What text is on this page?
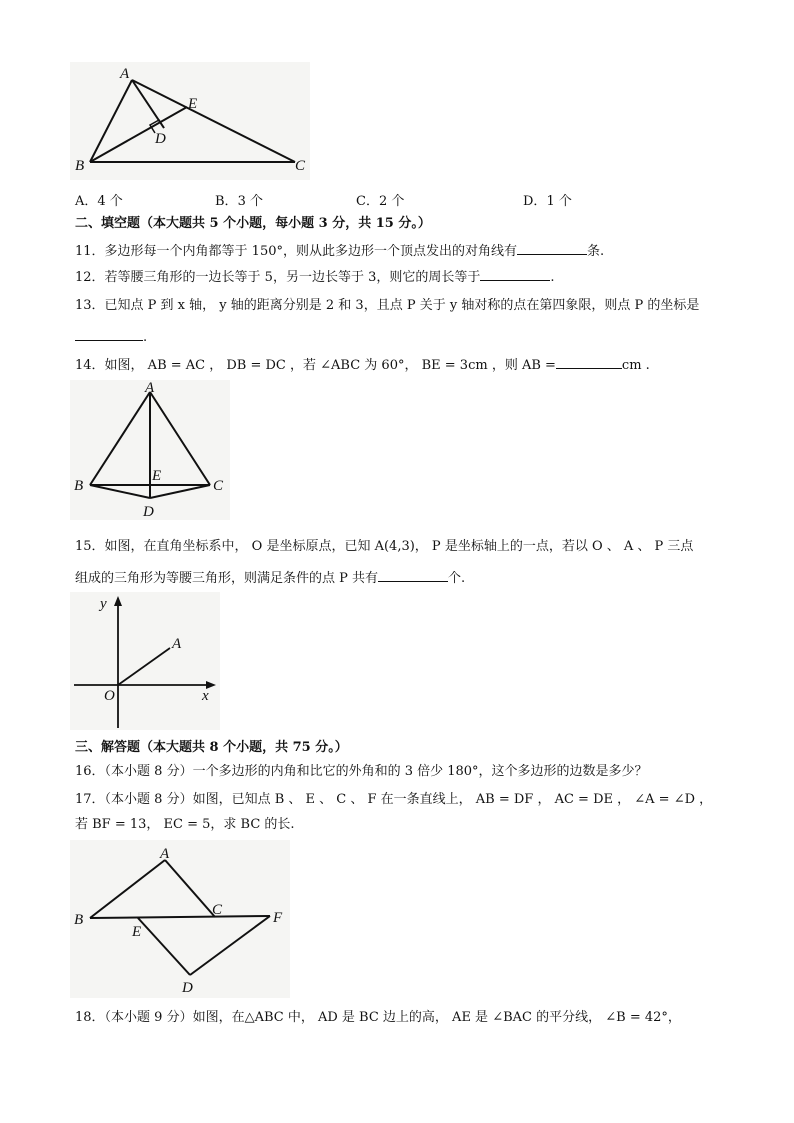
A
B	C
D
E
A．4 个	B．3 个	C．2 个	D．1 个
二、填空题（本大题共 5 个小题，每小题 3 分，共 15 分。）
11．多边形每一个内角都等于 150°，则从此多边形一个顶点发出的对角线有	条.
12．若等腰三角形的一边长等于 5，另一边长等于 3，则它的周长等于	.
13．已知点 P 到 x 轴， y 轴的距离分别是 2 和 3，且点 P 关于 y 轴对称的点在第四象限，则点 P 的坐标是
.
14．如图， AB = AC ， DB = DC ，若 ∠ABC 为 60°， BE = 3cm ，则 AB =	cm .
A
B	C
D
E
15．如图，在直角坐标系中， O 是坐标原点，已知 A(4,3)， P 是坐标轴上的一点，若以 O 、 A 、 P 三点
组成的三角形为等腰三角形，则满足条件的点 P 共有	个.
y
x
O
A
三、解答题（本大题共 8 个小题，共 75 分。）
16．（本小题 8 分）一个多边形的内角和比它的外角和的 3 倍少 180°，这个多边形的边数是多少？
17．（本小题 8 分）如图，已知点 B 、 E 、 C 、 F 在一条直线上， AB = DF ， AC = DE ， ∠A = ∠D ，
若 BF = 13， EC = 5，求 BC 的长.
A
B
C
D
E
F
18．（本小题 9 分）如图，在△ABC 中， AD 是 BC 边上的高， AE 是 ∠BAC 的平分线， ∠B = 42°，
